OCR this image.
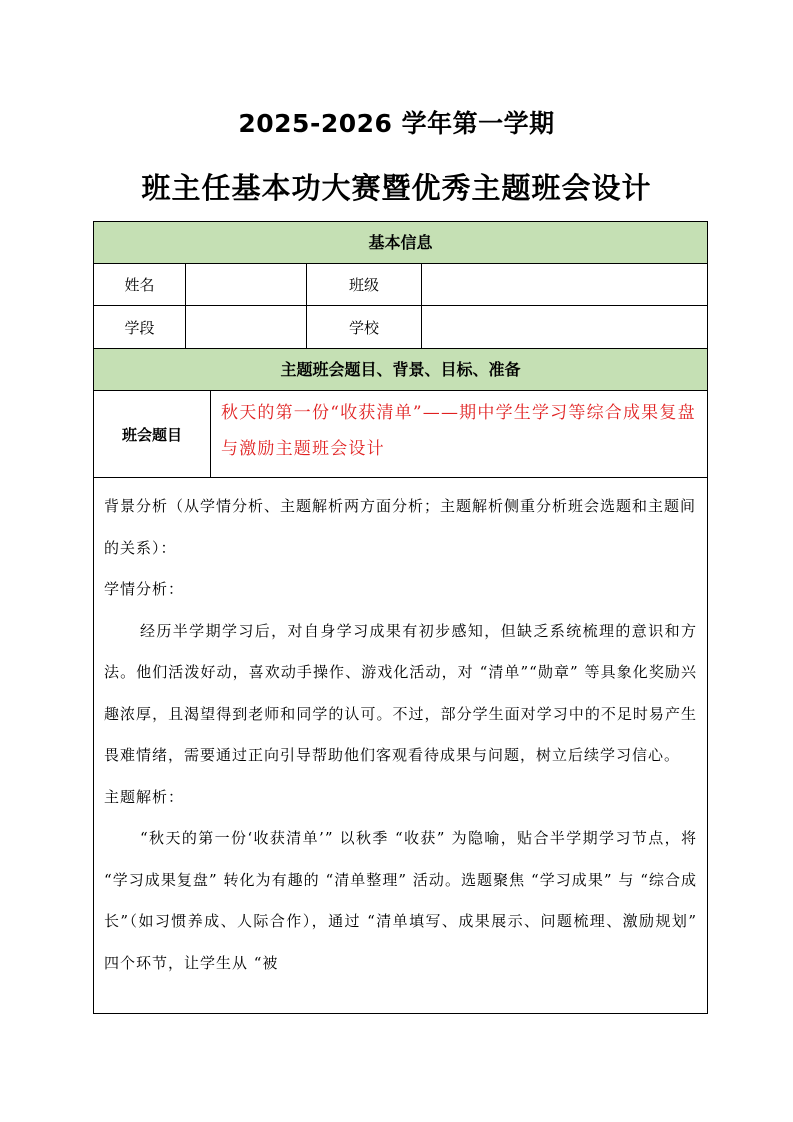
2025-2026 学年第一学期
班主任基本功大赛暨优秀主题班会设计
基本信息
姓名	班级
学段	学校
主题班会题目、背景、目标、准备
班会题目
秋天的第一份“收获清单”——期中学生学习等综合成果复盘与激励主题班会设计

背景分析（从学情分析、主题解析两方面分析；主题解析侧重分析班会选题和主题间的关系）：

学情分析：

经历半学期学习后，对自身学习成果有初步感知，但缺乏系统梳理的意识和方法。他们活泼好动，喜欢动手操作、游戏化活动，对 “清单”“勋章” 等具象化奖励兴趣浓厚，且渴望得到老师和同学的认可。不过，部分学生面对学习中的不足时易产生畏难情绪，需要通过正向引导帮助他们客观看待成果与问题，树立后续学习信心。

主题解析：

“秋天的第一份‘收获清单’” 以秋季 “收获” 为隐喻，贴合半学期学习节点，将 “学习成果复盘” 转化为有趣的 “清单整理” 活动。选题聚焦 “学习成果” 与 “综合成长”（如习惯养成、人际合作），通过 “清单填写、成果展示、问题梳理、激励规划” 四个环节，让学生从 “被
